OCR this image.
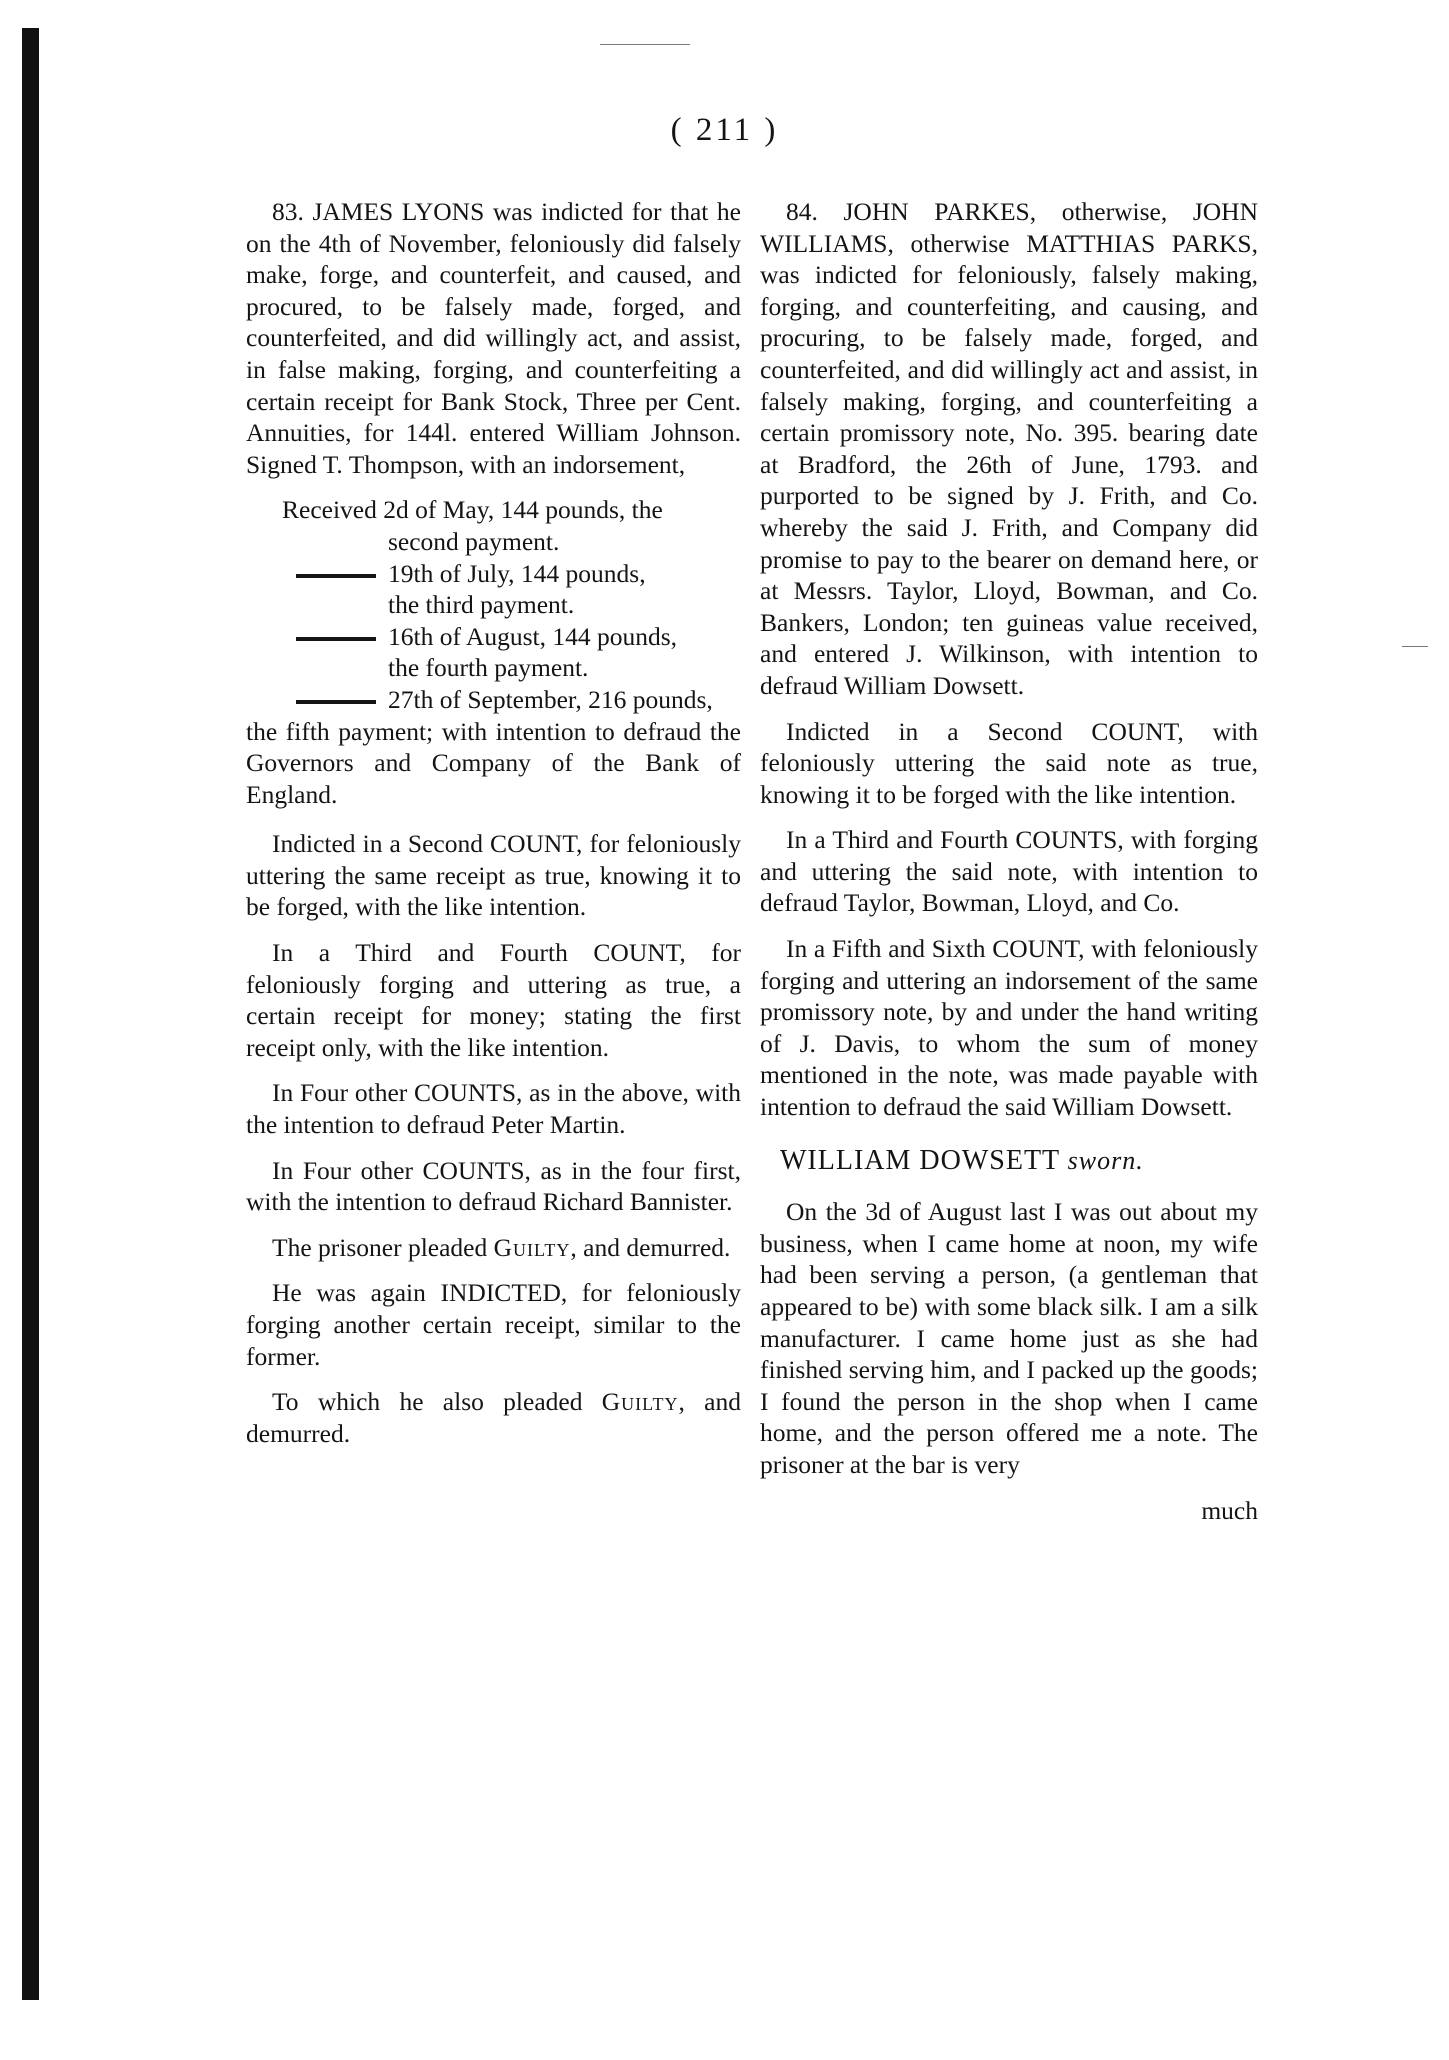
( 211 )

83. JAMES LYONS was indicted for that he on the 4th of November, feloniously did falsely make, forge, and counterfeit, and caused, and procured, to be falsely made, forged, and counterfeited, and did willingly act, and assist, in false making, forging, and counterfeiting a certain receipt for Bank Stock, Three per Cent. Annuities, for 144l. entered William Johnson. Signed T. Thompson, with an indorsement,

Received 2d of May, 144 pounds, the
second payment.
19th of July, 144 pounds,
the third payment.
16th of August, 144 pounds,
the fourth payment.
27th of September, 216 pounds,

the fifth payment; with intention to defraud the Governors and Company of the Bank of England.

Indicted in a Second COUNT, for feloniously uttering the same receipt as true, knowing it to be forged, with the like intention.

In a Third and Fourth COUNT, for feloniously forging and uttering as true, a certain receipt for money; stating the first receipt only, with the like intention.

In Four other COUNTS, as in the above, with the intention to defraud Peter Martin.

In Four other COUNTS, as in the four first, with the intention to defraud Richard Bannister.

The prisoner pleaded Guilty, and demurred.

He was again INDICTED, for feloniously forging another certain receipt, similar to the former.

To which he also pleaded Guilty, and demurred.

84. JOHN PARKES, otherwise, JOHN WILLIAMS, otherwise MATTHIAS PARKS, was indicted for feloniously, falsely making, forging, and counterfeiting, and causing, and procuring, to be falsely made, forged, and counterfeited, and did willingly act and assist, in falsely making, forging, and counterfeiting a certain promissory note, No. 395. bearing date at Bradford, the 26th of June, 1793. and purported to be signed by J. Frith, and Co. whereby the said J. Frith, and Company did promise to pay to the bearer on demand here, or at Messrs. Taylor, Lloyd, Bowman, and Co. Bankers, London; ten guineas value received, and entered J. Wilkinson, with intention to defraud William Dowsett.

Indicted in a Second COUNT, with feloniously uttering the said note as true, knowing it to be forged with the like intention.

In a Third and Fourth COUNTS, with forging and uttering the said note, with intention to defraud Taylor, Bowman, Lloyd, and Co.

In a Fifth and Sixth COUNT, with feloniously forging and uttering an indorsement of the same promissory note, by and under the hand writing of J. Davis, to whom the sum of money mentioned in the note, was made payable with intention to defraud the said William Dowsett.

WILLIAM DOWSETT sworn.

On the 3d of August last I was out about my business, when I came home at noon, my wife had been serving a person, (a gentleman that appeared to be) with some black silk. I am a silk manufacturer. I came home just as she had finished serving him, and I packed up the goods; I found the person in the shop when I came home, and the person offered me a note. The prisoner at the bar is very

much
